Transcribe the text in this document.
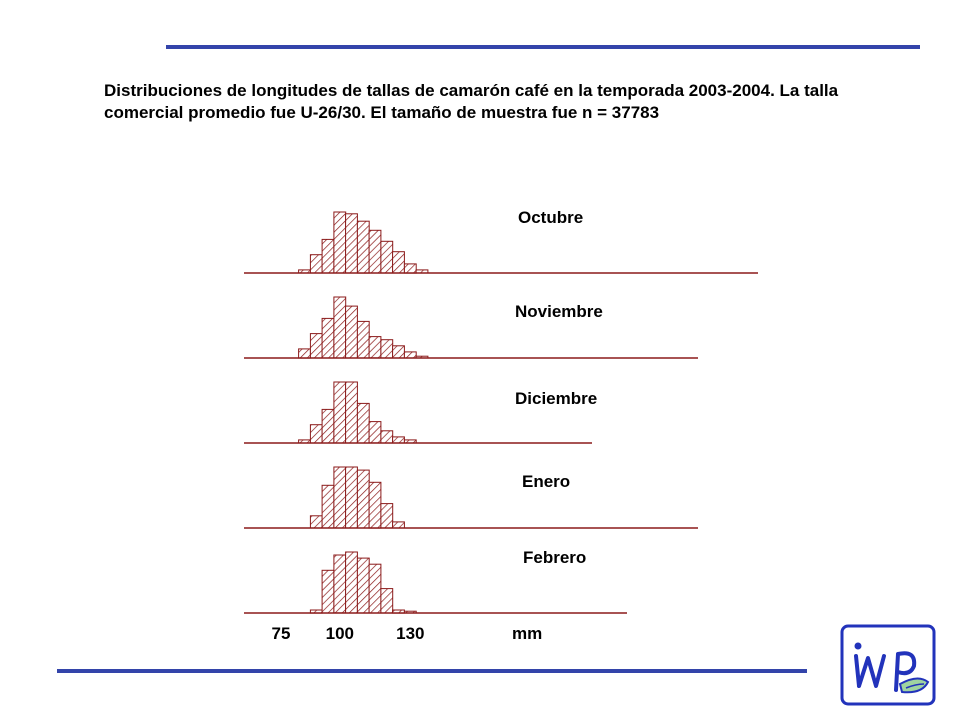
Distribuciones de longitudes de tallas de camarón café en la temporada 2003-2004. La talla comercial promedio fue U-26/30. El tamaño de muestra fue n = 37783

Octubre
Noviembre
Diciembre
Enero
Febrero
75 100 130	mm
